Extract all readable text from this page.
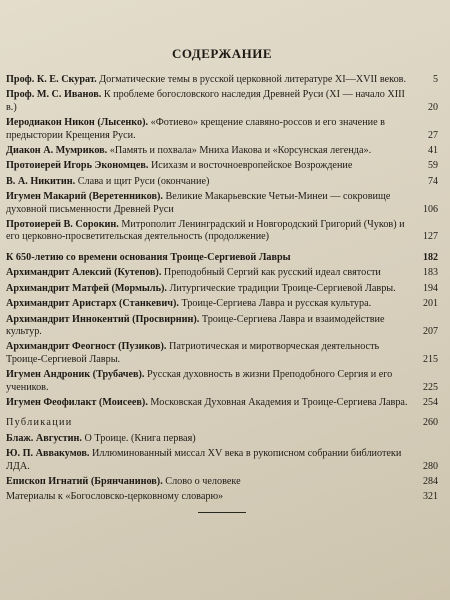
СОДЕРЖАНИЕ
Проф. К. Е. Скурат. Догматические темы в русской церковной литературе XI—XVII веков.	5
Проф. М. С. Иванов. К проблеме богословского наследия Древней Руси (XI — начало XIII в.)	20
Иеродиакон Никон (Лысенко). «Фотиево» крещение славяно-россов и его значение в предыстории Крещения Руси.	27
Диакон А. Мумриков. «Память и похвала» Мниха Иакова и «Корсунская легенда».	41
Протоиерей Игорь Экономцев. Исихазм и восточноевропейское Возрождение	59
В. А. Никитин. Слава и щит Руси (окончание)	74
Игумен Макарий (Веретенников). Великие Макарьевские Четьи-Минеи — сокровище духовной письменности Древней Руси	106
Протоиерей В. Сорокин. Митрополит Ленинградский и Новгородский Григорий (Чуков) и его церковно-просветительская деятельность (продолжение)	127
К 650-летию со времени основания Троице-Сергиевой Лавры	182
Архимандрит Алексий (Кутепов). Преподобный Сергий как русский идеал святости	183
Архимандрит Матфей (Мормыль). Литургические традиции Троице-Сергиевой Лавры.	194
Архимандрит Аристарх (Станкевич). Троице-Сергиева Лавра и русская культура.	201
Архимандрит Иннокентий (Просвирнин). Троице-Сергиева Лавра и взаимодействие культур.	207
Архимандрит Феогност (Пузиков). Патриотическая и миротворческая деятельность Троице-Сергиевой Лавры.	215
Игумен Андроник (Трубачев). Русская духовность в жизни Преподобного Сергия и его учеников.	225
Игумен Феофилакт (Моисеев). Московская Духовная Академия и Троице-Сергиева Лавра. 254
Публикации	260
Блаж. Августин. О Троице. (Книга первая)
Ю. П. Аввакумов. Иллюминованный миссал XV века в рукописном собрании библиотеки ЛДА.	280
Епископ Игнатий (Брянчанинов). Слово о человеке	284
Материалы к «Богословско-церковному словарю»	321
